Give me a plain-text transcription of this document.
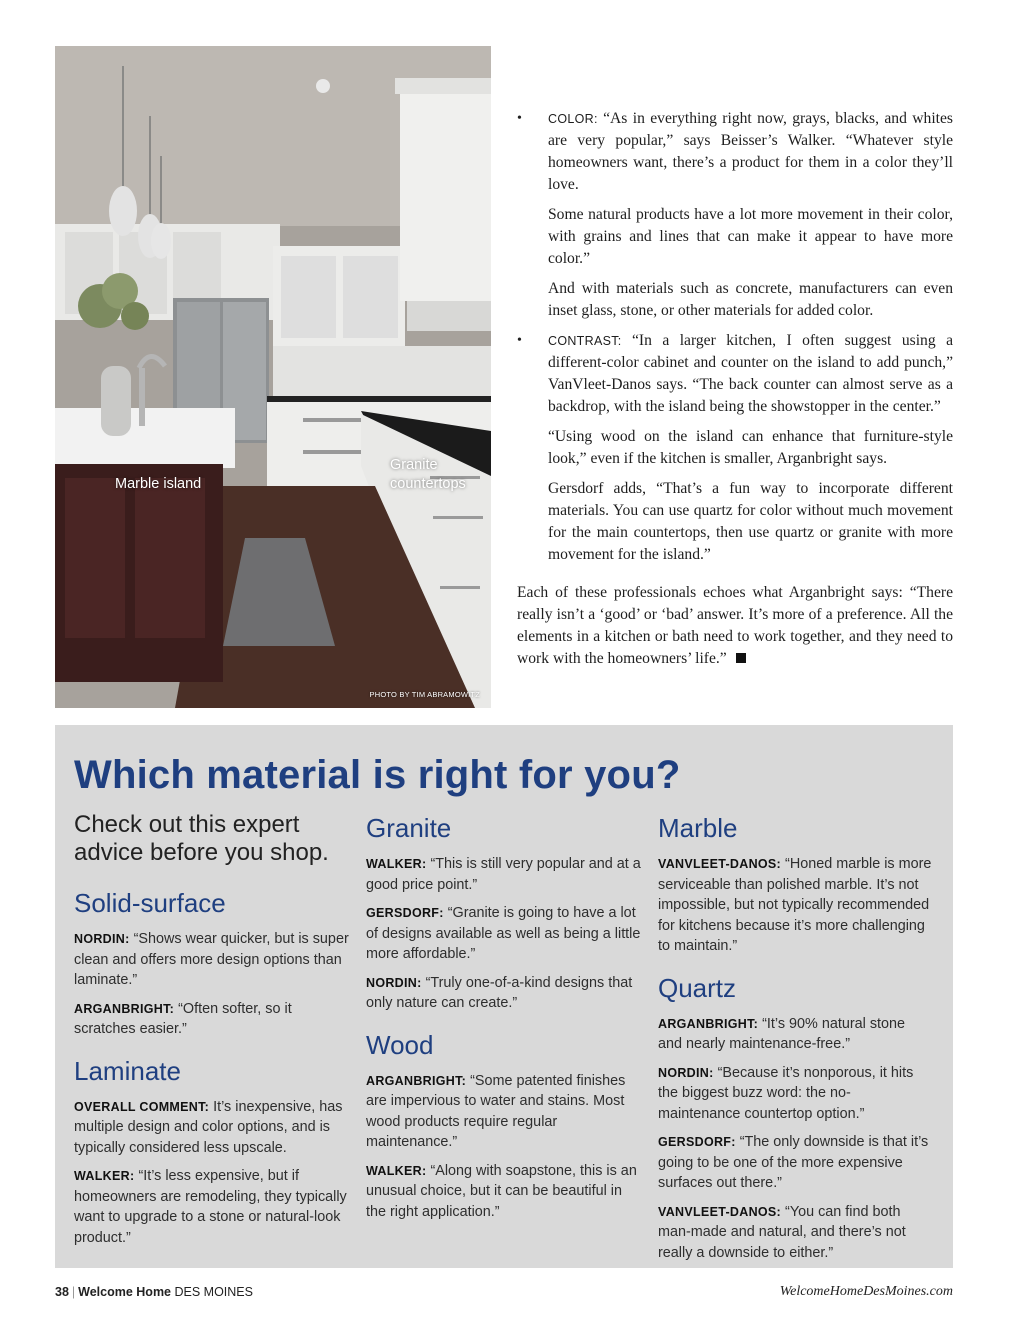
Marble island
Granite countertops
PHOTO BY TIM ABRAMOWITZ
• COLOR: “As in everything right now, grays, blacks, and whites are very popular,” says Beisser’s Walker. “Whatever style homeowners want, there’s a product for them in a color they’ll love.

Some natural products have a lot more movement in their color, with grains and lines that can make it appear to have more color.”

And with materials such as concrete, manufacturers can even inset glass, stone, or other materials for added color.

• CONTRAST: “In a larger kitchen, I often suggest using a different-color cabinet and counter on the island to add punch,” VanVleet-Danos says. “The back counter can almost serve as a backdrop, with the island being the showstopper in the center.”

“Using wood on the island can enhance that furniture-style look,” even if the kitchen is smaller, Arganbright says.

Gersdorf adds, “That’s a fun way to incorporate different materials. You can use quartz for color without much movement for the main countertops, then use quartz or granite with more movement for the island.”

Each of these professionals echoes what Arganbright says: “There really isn’t a ‘good’ or ‘bad’ answer. It’s more of a preference. All the elements in a kitchen or bath need to work together, and they need to work with the homeowners’ life.”

Which material is right for you?
Check out this expert advice before you shop.
Solid-surface

NORDIN: “Shows wear quicker, but is super clean and offers more design options than laminate.”

ARGANBRIGHT: “Often softer, so it scratches easier.”

Laminate

OVERALL COMMENT: It’s inexpensive, has multiple design and color options, and is typically considered less upscale.

WALKER: “It’s less expensive, but if homeowners are remodeling, they typically want to upgrade to a stone or natural-look product.”

Granite

WALKER: “This is still very popular and at a good price point.”

GERSDORF: “Granite is going to have a lot of designs available as well as being a little more affordable.”

NORDIN: “Truly one-of-a-kind designs that only nature can create.”

Wood

ARGANBRIGHT: “Some patented finishes are impervious to water and stains. Most wood products require regular maintenance.”

WALKER: “Along with soapstone, this is an unusual choice, but it can be beautiful in the right application.”

Marble

VANVLEET-DANOS: “Honed marble is more serviceable than polished marble. It’s not impossible, but not typically recommended for kitchens because it’s more challenging to maintain.”

Quartz

ARGANBRIGHT: “It’s 90% natural stone and nearly maintenance-free.”

NORDIN: “Because it’s nonporous, it hits the biggest buzz word: the no-maintenance countertop option.”

GERSDORF: “The only downside is that it’s going to be one of the more expensive surfaces out there.”

VANVLEET-DANOS: “You can find both man-made and natural, and there’s not really a downside to either.”

38 | Welcome Home DES MOINES	WelcomeHomeDesMoines.com
